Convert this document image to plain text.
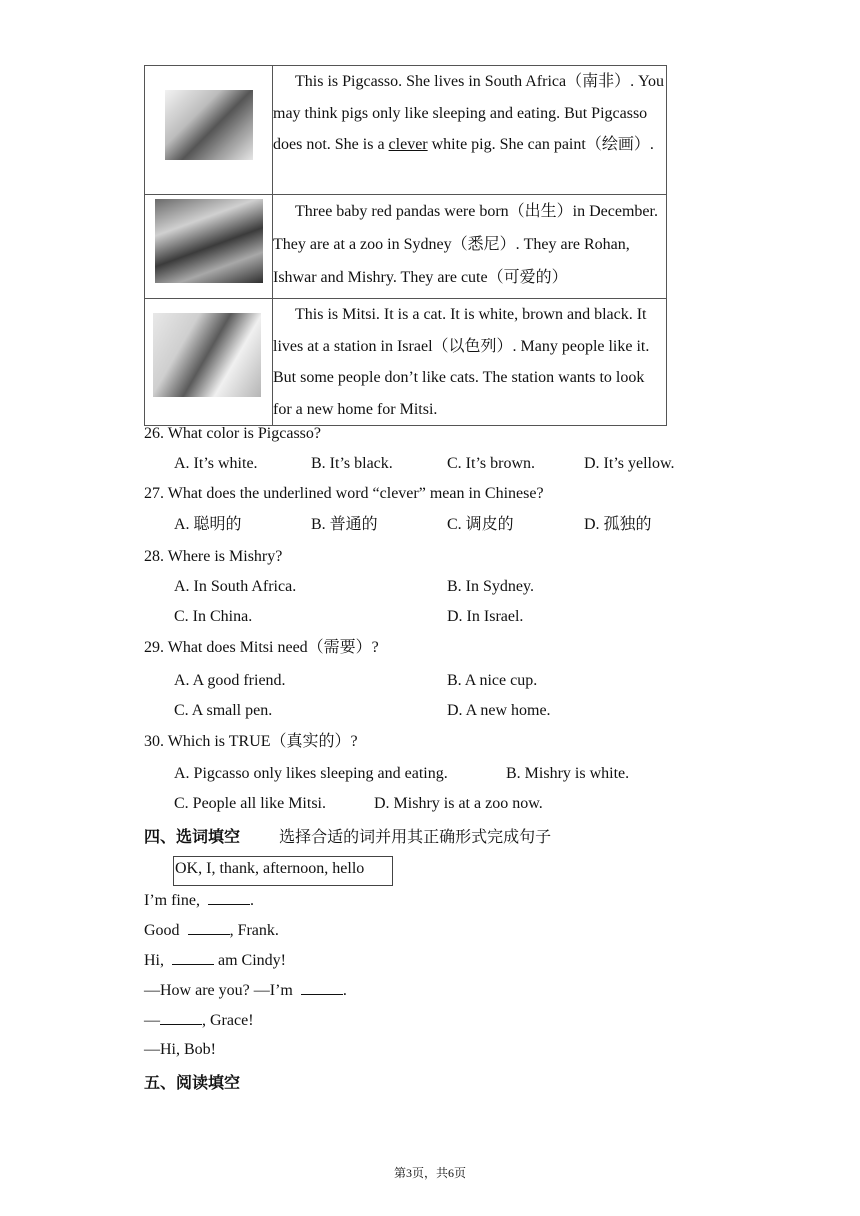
	This is Pigcasso. She lives in South Africa（南非）. You may think pigs only like sleeping and eating. But Pigcasso does not. She is a clever white pig. She can paint（绘画）.

	Three baby red pandas were born（出生）in December. They are at a zoo in Sydney（悉尼）. They are Rohan, Ishwar and Mishry. They are cute（可爱的）

	This is Mitsi. It is a cat. It is white, brown and black. It lives at a station in Israel（以色列）. Many people like it. But some people don’t like cats. The station wants to look for a new home for Mitsi.
26. What color is Pigcasso?
A. It’s white.	B. It’s black.	C. It’s brown.	D. It’s yellow.
27. What does the underlined word “clever” mean in Chinese?
A. 聪明的	B. 普通的	C. 调皮的	D. 孤独的
28. Where is Mishry?
A. In South Africa.	B. In Sydney.
C. In China.	D. In Israel.
29. What does Mitsi need（需要）?
A. A good friend.	B. A nice cup.
C. A small pen.	D. A new home.
30. Which is TRUE（真实的）?
A. Pigcasso only likes sleeping and eating.	B. Mishry is white.
C. People all like Mitsi.	D. Mishry is at a zoo now.
四、选词填空 选择合适的词并用其正确形式完成句子
OK, I, thank, afternoon, hello
I’m fine,	.
Good	, Frank.
Hi,	am Cindy!
—How are you? —I’m	.
—	, Grace!
—Hi, Bob!
五、阅读填空
第3页，共6页
